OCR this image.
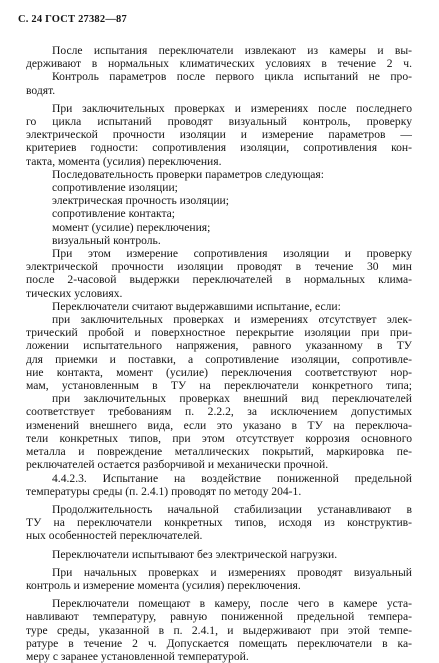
С. 24 ГОСТ 27382—87
После испытания переключатели извлекают из камеры и вы-
держивают в нормальных климатических условиях в течение 2 ч.
Контроль параметров после первого цикла испытаний не про-
водят.
При заключительных проверках и измерениях после последнего
го цикла испытаний проводят визуальный контроль, проверку
электрической прочности изоляции и измерение параметров —
критериев годности: сопротивления изоляции, сопротивления кон-
такта, момента (усилия) переключения.
Последовательность проверки параметров следующая:
сопротивление изоляции;
электрическая прочность изоляции;
сопротивление контакта;
момент (усилие) переключения;
визуальный контроль.
При этом измерение сопротивления изоляции и проверку
электрической прочности изоляции проводят в течение 30 мин
после 2-часовой выдержки переключателей в нормальных клима-
тических условиях.
Переключатели считают выдержавшими испытание, если:
при заключительных проверках и измерениях отсутствует элек-
трический пробой и поверхностное перекрытие изоляции при при-
ложении испытательного напряжения, равного указанному в ТУ
для приемки и поставки, а сопротивление изоляции, сопротивле-
ние контакта, момент (усилие) переключения соответствуют нор-
мам, установленным в ТУ на переключатели конкретного типа;
при заключительных проверках внешний вид переключателей
соответствует требованиям п. 2.2.2, за исключением допустимых
изменений внешнего вида, если это указано в ТУ на переключа-
тели конкретных типов, при этом отсутствует коррозия основного
металла и повреждение металлических покрытий, маркировка пе-
реключателей остается разборчивой и механически прочной.
4.4.2.3. Испытание на воздействие пониженной предельной
температуры среды (п. 2.4.1) проводят по методу 204-1.
Продолжительность начальной стабилизации устанавливают в
ТУ на переключатели конкретных типов, исходя из конструктив-
ных особенностей переключателей.
Переключатели испытывают без электрической нагрузки.
При начальных проверках и измерениях проводят визуальный
контроль и измерение момента (усилия) переключения.
Переключатели помещают в камеру, после чего в камере уста-
навливают температуру, равную пониженной предельной темпера-
туре среды, указанной в п. 2.4.1, и выдерживают при этой темпе-
ратуре в течение 2 ч. Допускается помещать переключатели в ка-
меру с заранее установленной температурой.
